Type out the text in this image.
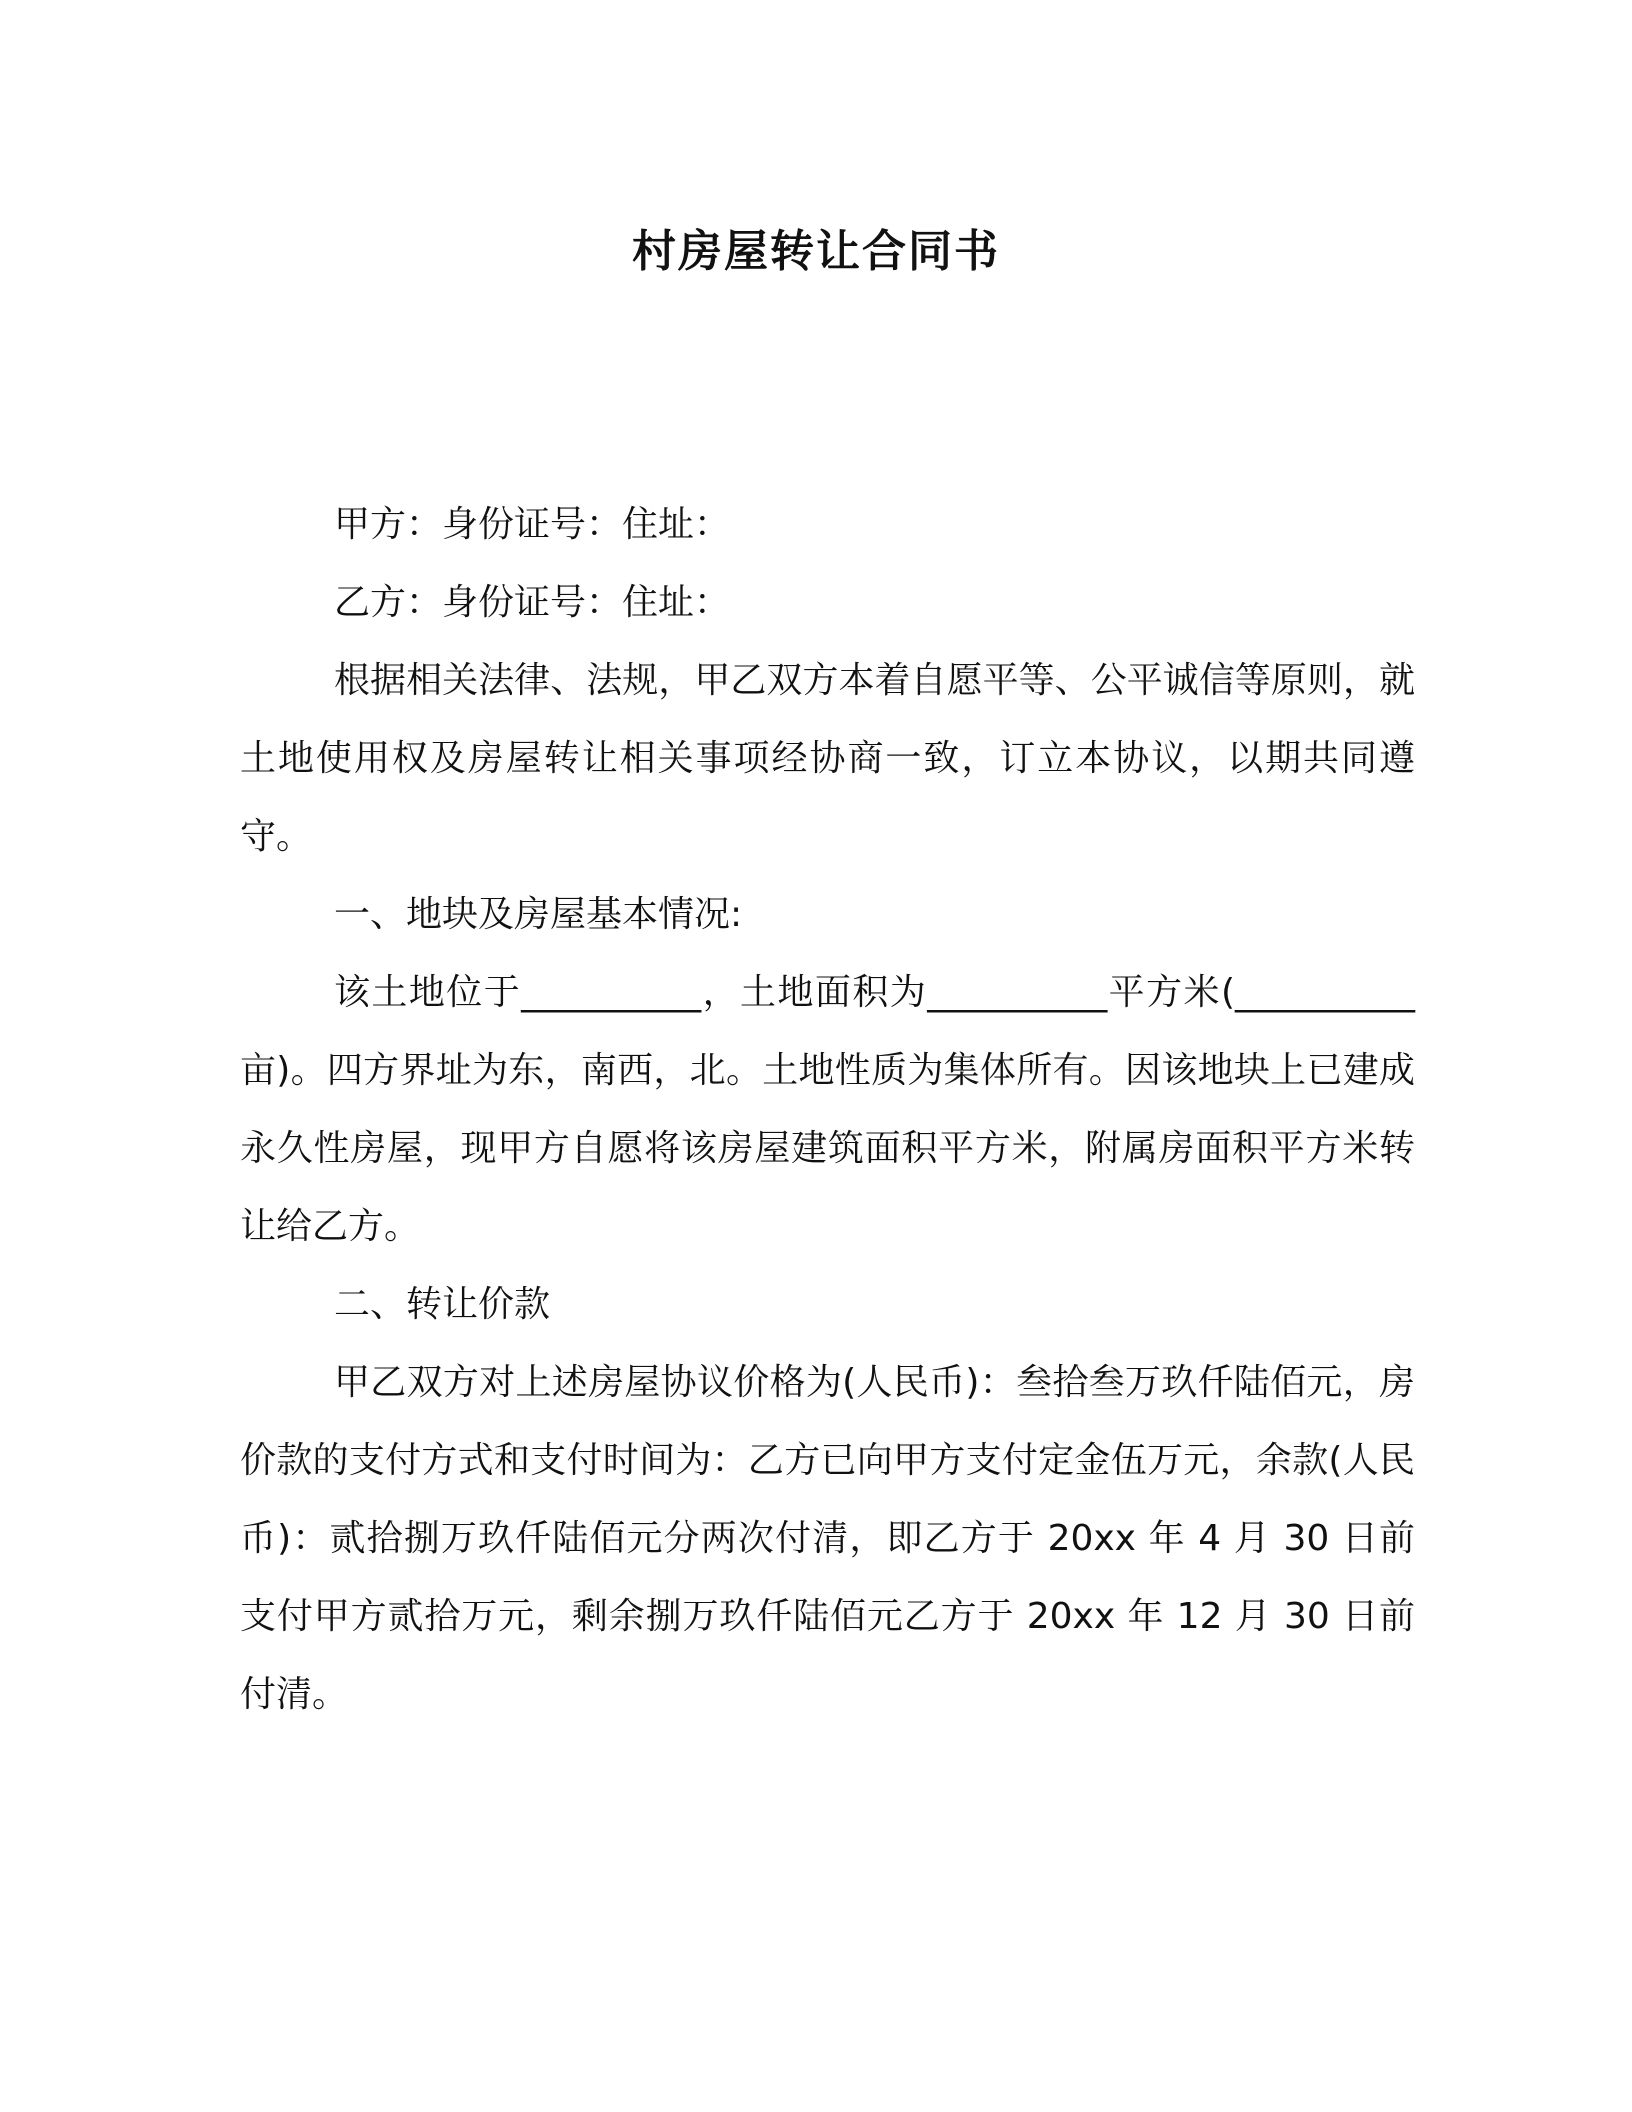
村房屋转让合同书

甲方：身份证号：住址：

乙方：身份证号：住址：

根据相关法律、法规，甲乙双方本着自愿平等、公平诚信等原则，就土地使用权及房屋转让相关事项经协商一致，订立本协议，以期共同遵守。

一、地块及房屋基本情况:

该土地位于__________，土地面积为__________平方米(__________亩)。四方界址为东，南西，北。土地性质为集体所有。因该地块上已建成永久性房屋，现甲方自愿将该房屋建筑面积平方米，附属房面积平方米转让给乙方。

二、转让价款

甲乙双方对上述房屋协议价格为(人民币)：叁拾叁万玖仟陆佰元，房价款的支付方式和支付时间为：乙方已向甲方支付定金伍万元，余款(人民币)：贰拾捌万玖仟陆佰元分两次付清，即乙方于 20xx 年 4 月 30 日前支付甲方贰拾万元，剩余捌万玖仟陆佰元乙方于 20xx 年 12 月 30 日前付清。
